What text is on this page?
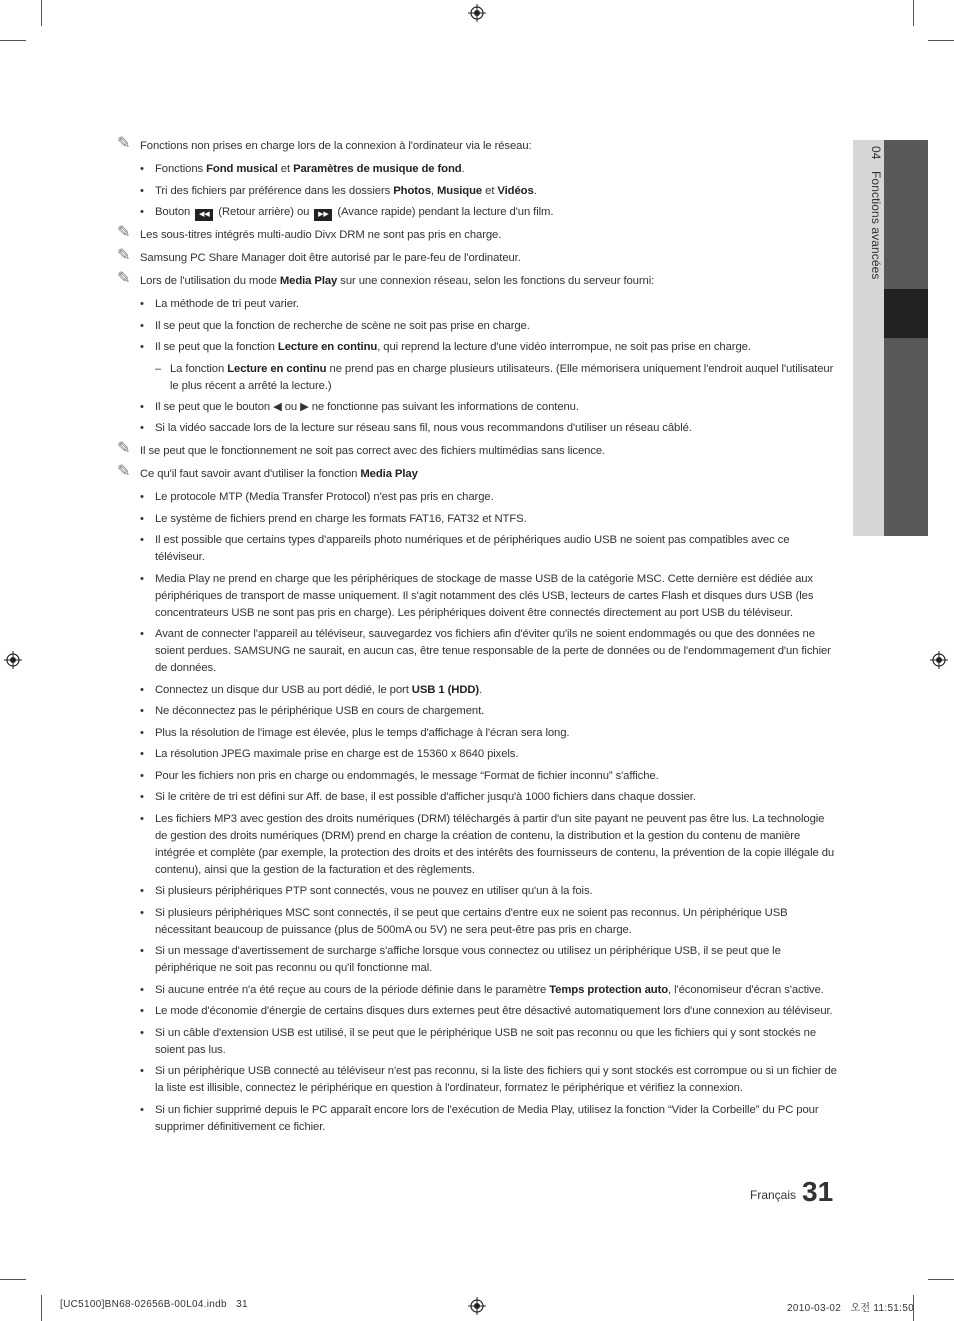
04 Fonctions avancées
✎ Fonctions non prises en charge lors de la connexion à l'ordinateur via le réseau:
• Fonctions Fond musical et Paramètres de musique de fond.
• Tri des fichiers par préférence dans les dossiers Photos, Musique et Vidéos.
• Bouton ◀◀ (Retour arrière) ou ▶▶ (Avance rapide) pendant la lecture d'un film.
✎ Les sous-titres intégrés multi-audio Divx DRM ne sont pas pris en charge.
✎ Samsung PC Share Manager doit être autorisé par le pare-feu de l'ordinateur.
✎ Lors de l'utilisation du mode Media Play sur une connexion réseau, selon les fonctions du serveur fourni:
• La méthode de tri peut varier.
• Il se peut que la fonction de recherche de scène ne soit pas prise en charge.
• Il se peut que la fonction Lecture en continu, qui reprend la lecture d'une vidéo interrompue, ne soit pas prise en charge.
– La fonction Lecture en continu ne prend pas en charge plusieurs utilisateurs. (Elle mémorisera uniquement l'endroit auquel l'utilisateur le plus récent a arrêté la lecture.)
• Il se peut que le bouton ◀ ou ▶ ne fonctionne pas suivant les informations de contenu.
• Si la vidéo saccade lors de la lecture sur réseau sans fil, nous vous recommandons d'utiliser un réseau câblé.
✎ Il se peut que le fonctionnement ne soit pas correct avec des fichiers multimédias sans licence.
✎ Ce qu'il faut savoir avant d'utiliser la fonction Media Play
• Le protocole MTP (Media Transfer Protocol) n'est pas pris en charge.
• Le système de fichiers prend en charge les formats FAT16, FAT32 et NTFS.
• Il est possible que certains types d'appareils photo numériques et de périphériques audio USB ne soient pas compatibles avec ce téléviseur.
• Media Play ne prend en charge que les périphériques de stockage de masse USB de la catégorie MSC. Cette dernière est dédiée aux périphériques de transport de masse uniquement. Il s'agit notamment des clés USB, lecteurs de cartes Flash et disques durs USB (les concentrateurs USB ne sont pas pris en charge). Les périphériques doivent être connectés directement au port USB du téléviseur.
• Avant de connecter l'appareil au téléviseur, sauvegardez vos fichiers afin d'éviter qu'ils ne soient endommagés ou que des données ne soient perdues. SAMSUNG ne saurait, en aucun cas, être tenue responsable de la perte de données ou de l'endommagement d'un fichier de données.
• Connectez un disque dur USB au port dédié, le port USB 1 (HDD).
• Ne déconnectez pas le périphérique USB en cours de chargement.
• Plus la résolution de l'image est élevée, plus le temps d'affichage à l'écran sera long.
• La résolution JPEG maximale prise en charge est de 15360 x 8640 pixels.
• Pour les fichiers non pris en charge ou endommagés, le message “Format de fichier inconnu” s'affiche.
• Si le critère de tri est défini sur Aff. de base, il est possible d'afficher jusqu'à 1000 fichiers dans chaque dossier.
• Les fichiers MP3 avec gestion des droits numériques (DRM) téléchargés à partir d'un site payant ne peuvent pas être lus. La technologie de gestion des droits numériques (DRM) prend en charge la création de contenu, la distribution et la gestion du contenu de manière intégrée et complète (par exemple, la protection des droits et des intérêts des fournisseurs de contenu, la prévention de la copie illégale du contenu), ainsi que la gestion de la facturation et des règlements.
• Si plusieurs périphériques PTP sont connectés, vous ne pouvez en utiliser qu'un à la fois.
• Si plusieurs périphériques MSC sont connectés, il se peut que certains d'entre eux ne soient pas reconnus. Un périphérique USB nécessitant beaucoup de puissance (plus de 500mA ou 5V) ne sera peut-être pas pris en charge.
• Si un message d'avertissement de surcharge s'affiche lorsque vous connectez ou utilisez un périphérique USB, il se peut que le périphérique ne soit pas reconnu ou qu'il fonctionne mal.
• Si aucune entrée n'a été reçue au cours de la période définie dans le paramètre Temps protection auto, l'économiseur d'écran s'active.
• Le mode d'économie d'énergie de certains disques durs externes peut être désactivé automatiquement lors d'une connexion au téléviseur.
• Si un câble d'extension USB est utilisé, il se peut que le périphérique USB ne soit pas reconnu ou que les fichiers qui y sont stockés ne soient pas lus.
• Si un périphérique USB connecté au téléviseur n'est pas reconnu, si la liste des fichiers qui y sont stockés est corrompue ou si un fichier de la liste est illisible, connectez le périphérique en question à l'ordinateur, formatez le périphérique et vérifiez la connexion.
• Si un fichier supprimé depuis le PC apparaît encore lors de l'exécution de Media Play, utilisez la fonction “Vider la Corbeille” du PC pour supprimer définitivement ce fichier.
Français 31
[UC5100]BN68-02656B-00L04.indb   31	2010-03-02   오전 11:51:50
